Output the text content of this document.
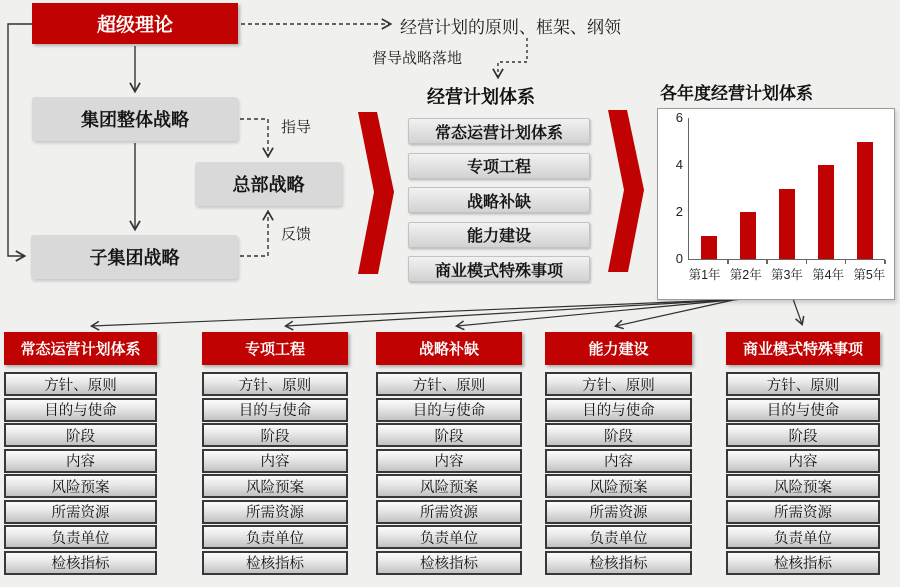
超级理论
集团整体战略
总部战略
子集团战略
指导
反馈
经营计划的原则、框架、纲领
督导战略落地
经营计划体系
常态运营计划体系
专项工程
战略补缺
能力建设
商业模式特殊事项
各年度经营计划体系
0
2
4
6
第1年 第2年 第3年 第4年 第5年
常态运营计划体系
方针、原则
目的与使命
阶段
内容
风险预案
所需资源
负责单位
检核指标
专项工程
方针、原则
目的与使命
阶段
内容
风险预案
所需资源
负责单位
检核指标
战略补缺
方针、原则
目的与使命
阶段
内容
风险预案
所需资源
负责单位
检核指标
能力建设
方针、原则
目的与使命
阶段
内容
风险预案
所需资源
负责单位
检核指标
商业模式特殊事项
方针、原则
目的与使命
阶段
内容
风险预案
所需资源
负责单位
检核指标
